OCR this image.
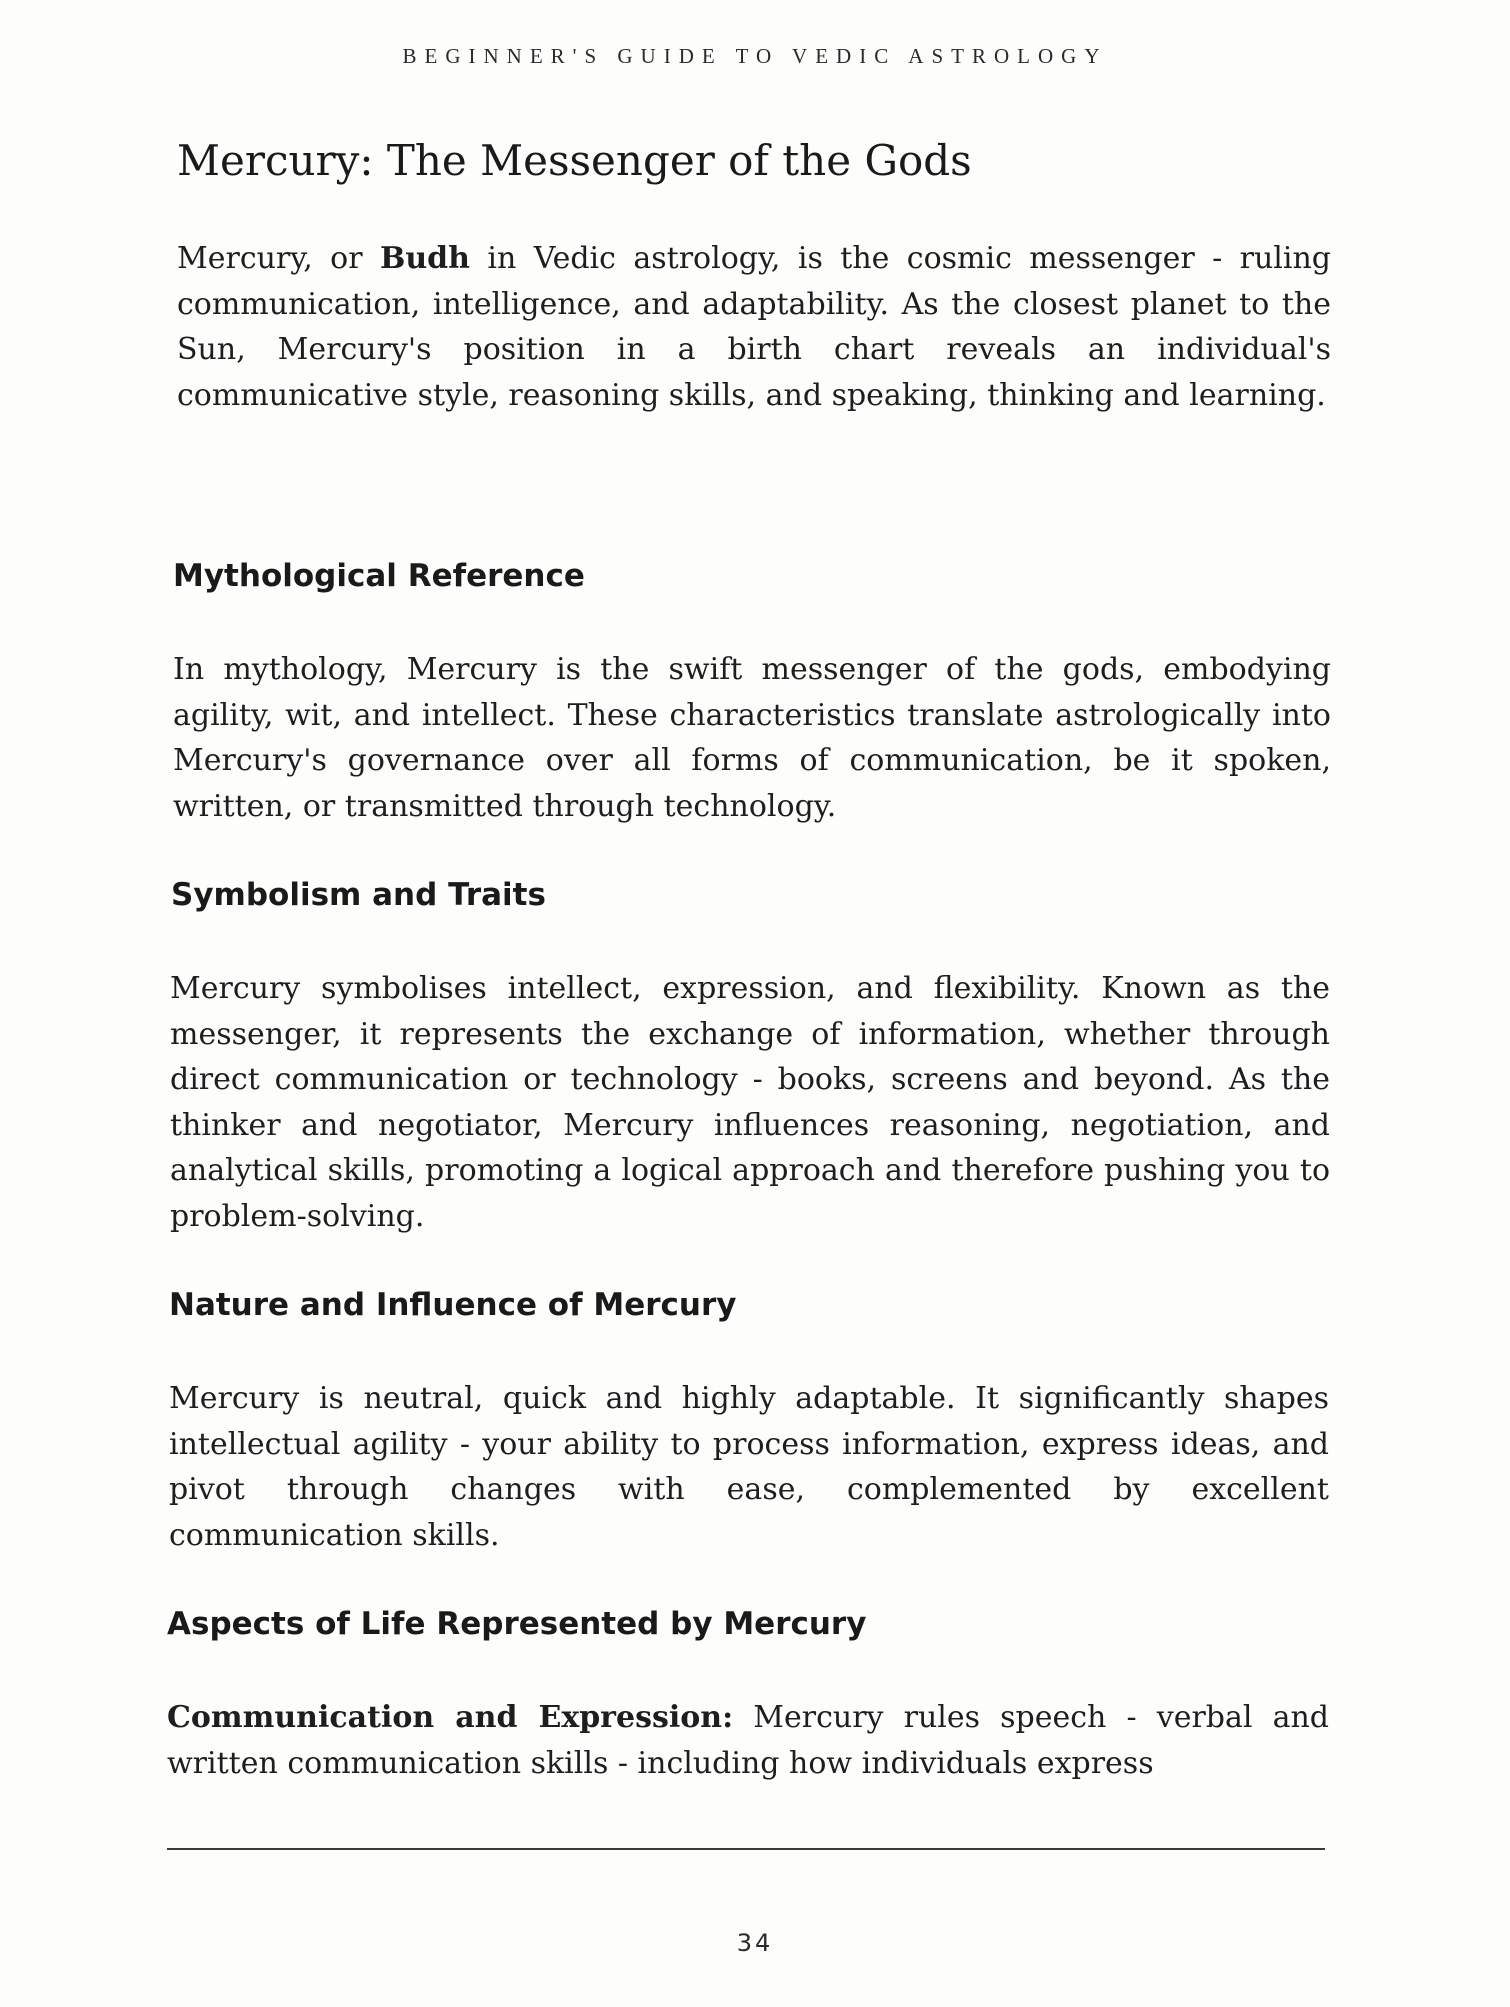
BEGINNER'S GUIDE TO VEDIC ASTROLOGY
Mercury: The Messenger of the Gods

Mercury, or Budh in Vedic astrology, is the cosmic messenger - ruling communication, intelligence, and adaptability. As the closest planet to the Sun, Mercury's position in a birth chart reveals an individual's communicative style, reasoning skills, and speaking, thinking and learning.

Mythological Reference

In mythology, Mercury is the swift messenger of the gods, embodying agility, wit, and intellect. These characteristics translate astrologically into Mercury's governance over all forms of communication, be it spoken, written, or transmitted through technology.

Symbolism and Traits

Mercury symbolises intellect, expression, and flexibility. Known as the messenger, it represents the exchange of information, whether through direct communication or technology - books, screens and beyond. As the thinker and negotiator, Mercury influences reasoning, negotiation, and analytical skills, promoting a logical approach and therefore pushing you to problem-solving.

Nature and Influence of Mercury

Mercury is neutral, quick and highly adaptable. It significantly shapes intellectual agility - your ability to process information, express ideas, and pivot through changes with ease, complemented by excellent communication skills.

Aspects of Life Represented by Mercury

Communication and Expression: Mercury rules speech - verbal and written communication skills - including how individuals express

34
